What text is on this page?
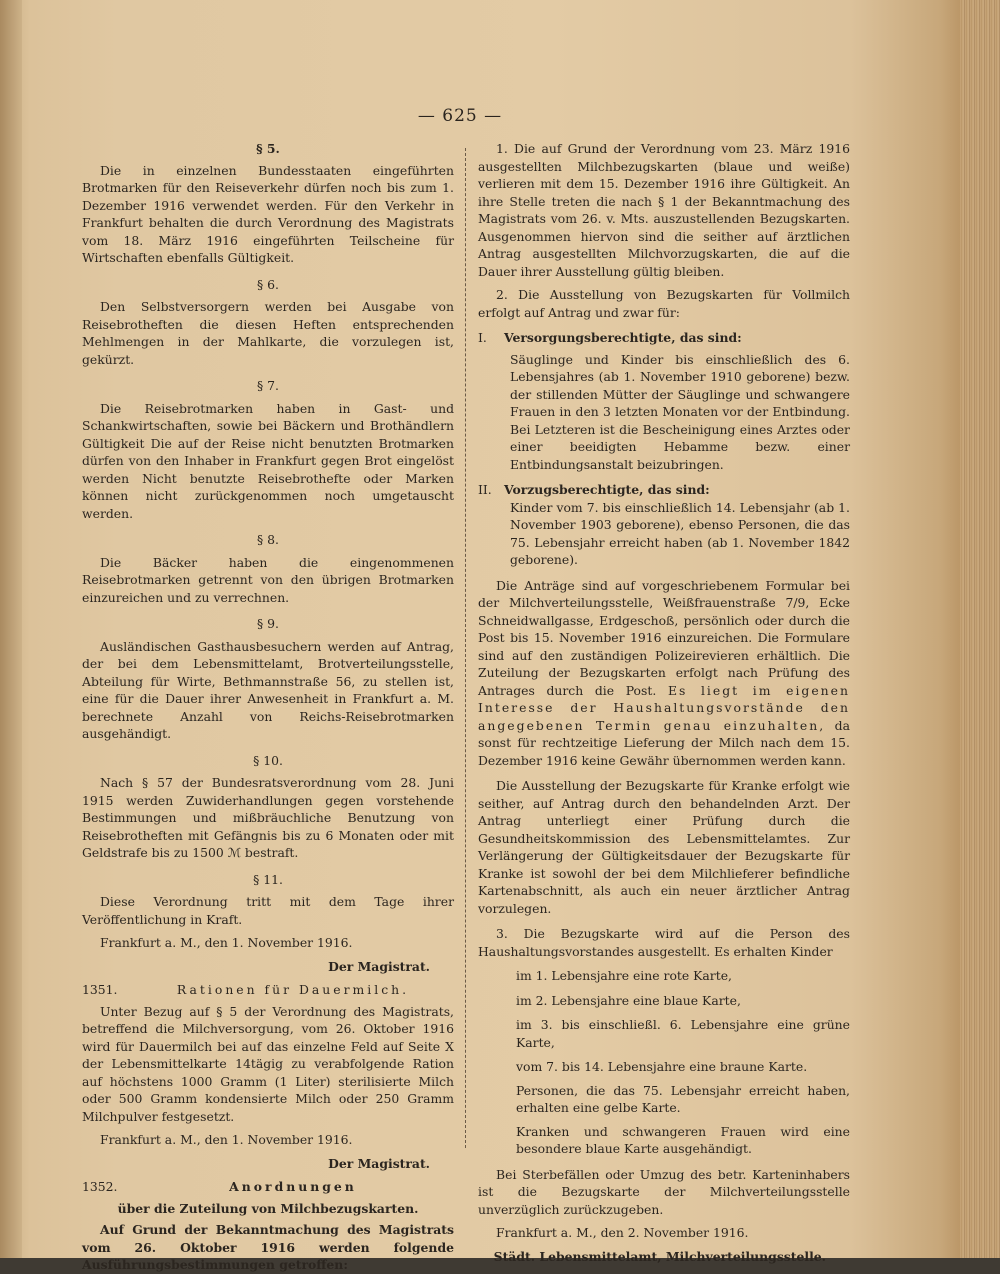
— 625 —

§ 5.

Die in einzelnen Bundesstaaten eingeführten Brotmarken für den Reiseverkehr dürfen noch bis zum 1. Dezember 1916 verwendet werden. Für den Verkehr in Frankfurt behalten die durch Verordnung des Magistrats vom 18. März 1916 eingeführten Teilscheine für Wirtschaften ebenfalls Gültigkeit.

§ 6.

Den Selbstversorgern werden bei Ausgabe von Reisebrotheften die diesen Heften entsprechenden Mehlmengen in der Mahlkarte, die vorzulegen ist, gekürzt.

§ 7.

Die Reisebrotmarken haben in Gast- und Schankwirtschaften, sowie bei Bäckern und Brothändlern Gültigkeit Die auf der Reise nicht benutzten Brotmarken dürfen von den Inhaber in Frankfurt gegen Brot eingelöst werden Nicht benutzte Reisebrothefte oder Marken können nicht zurückgenommen noch umgetauscht werden.

§ 8.

Die Bäcker haben die eingenommenen Reisebrotmarken getrennt von den übrigen Brotmarken einzureichen und zu verrechnen.

§ 9.

Ausländischen Gasthausbesuchern werden auf Antrag, der bei dem Lebensmittelamt, Brotverteilungsstelle, Abteilung für Wirte, Bethmannstraße 56, zu stellen ist, eine für die Dauer ihrer Anwesenheit in Frankfurt a. M. berechnete Anzahl von Reichs-Reisebrotmarken ausgehändigt.

§ 10.

Nach § 57 der Bundesratsverordnung vom 28. Juni 1915 werden Zuwiderhandlungen gegen vorstehende Bestimmungen und mißbräuchliche Benutzung von Reisebrotheften mit Gefängnis bis zu 6 Monaten oder mit Geldstrafe bis zu 1500 ℳ bestraft.

§ 11.

Diese Verordnung tritt mit dem Tage ihrer Veröffentlichung in Kraft.

Frankfurt a. M., den 1. November 1916.

Der Magistrat.

1351.	Rationen für Dauermilch.

Unter Bezug auf § 5 der Verordnung des Magistrats, betreffend die Milchversorgung, vom 26. Oktober 1916 wird für Dauermilch bei auf das einzelne Feld auf Seite X der Lebensmittelkarte 14tägig zu verabfolgende Ration auf höchstens 1000 Gramm (1 Liter) sterilisierte Milch oder 500 Gramm kondensierte Milch oder 250 Gramm Milchpulver festgesetzt.

Frankfurt a. M., den 1. November 1916.

Der Magistrat.

1352.	Anordnungen

über die Zuteilung von Milchbezugskarten.

Auf Grund der Bekanntmachung des Magistrats vom 26. Oktober 1916 werden folgende Ausführungsbestimmungen getroffen:

1. Die auf Grund der Verordnung vom 23. März 1916 ausgestellten Milchbezugskarten (blaue und weiße) verlieren mit dem 15. Dezember 1916 ihre Gültigkeit. An ihre Stelle treten die nach § 1 der Bekanntmachung des Magistrats vom 26. v. Mts. auszustellenden Bezugskarten. Ausgenommen hiervon sind die seither auf ärztlichen Antrag ausgestellten Milchvorzugskarten, die auf die Dauer ihrer Ausstellung gültig bleiben.

2. Die Ausstellung von Bezugskarten für Vollmilch erfolgt auf Antrag und zwar für:

I.	Versorgungsberechtigte, das sind:

Säuglinge und Kinder bis einschließlich des 6. Lebensjahres (ab 1. November 1910 geborene) bezw. der stillenden Mütter der Säuglinge und schwangere Frauen in den 3 letzten Monaten vor der Entbindung. Bei Letzteren ist die Bescheinigung eines Arztes oder einer beeidigten Hebamme bezw. einer Entbindungsanstalt beizubringen.

II. Vorzugsberechtigte, das sind:

Kinder vom 7. bis einschließlich 14. Lebensjahr (ab 1. November 1903 geborene), ebenso Personen, die das 75. Lebensjahr erreicht haben (ab 1. November 1842 geborene).

Die Anträge sind auf vorgeschriebenem Formular bei der Milchverteilungsstelle, Weißfrauenstraße 7/9, Ecke Schneidwallgasse, Erdgeschoß, persönlich oder durch die Post bis 15. November 1916 einzureichen. Die Formulare sind auf den zuständigen Polizeirevieren erhältlich. Die Zuteilung der Bezugskarten erfolgt nach Prüfung des Antrages durch die Post. Es liegt im eigenen Interesse der Haushaltungsvorstände den angegebenen Termin genau einzuhalten, da sonst für rechtzeitige Lieferung der Milch nach dem 15. Dezember 1916 keine Gewähr übernommen werden kann.

Die Ausstellung der Bezugskarte für Kranke erfolgt wie seither, auf Antrag durch den behandelnden Arzt. Der Antrag unterliegt einer Prüfung durch die Gesundheitskommission des Lebensmittelamtes. Zur Verlängerung der Gültigkeitsdauer der Bezugskarte für Kranke ist sowohl der bei dem Milchlieferer befindliche Kartenabschnitt, als auch ein neuer ärztlicher Antrag vorzulegen.

3. Die Bezugskarte wird auf die Person des Haushaltungsvorstandes ausgestellt. Es erhalten Kinder

im 1. Lebensjahre eine rote Karte,

im 2. Lebensjahre eine blaue Karte,

im 3. bis einschließl. 6. Lebensjahre eine grüne Karte,

vom 7. bis 14. Lebensjahre eine braune Karte.

Personen, die das 75. Lebensjahr erreicht haben, erhalten eine gelbe Karte.

Kranken und schwangeren Frauen wird eine besondere blaue Karte ausgehändigt.

Bei Sterbefällen oder Umzug des betr. Karteninhabers ist die Bezugskarte der Milchverteilungsstelle unverzüglich zurückzugeben.

Frankfurt a. M., den 2. November 1916.

Städt. Lebensmittelamt, Milchverteilungsstelle.
